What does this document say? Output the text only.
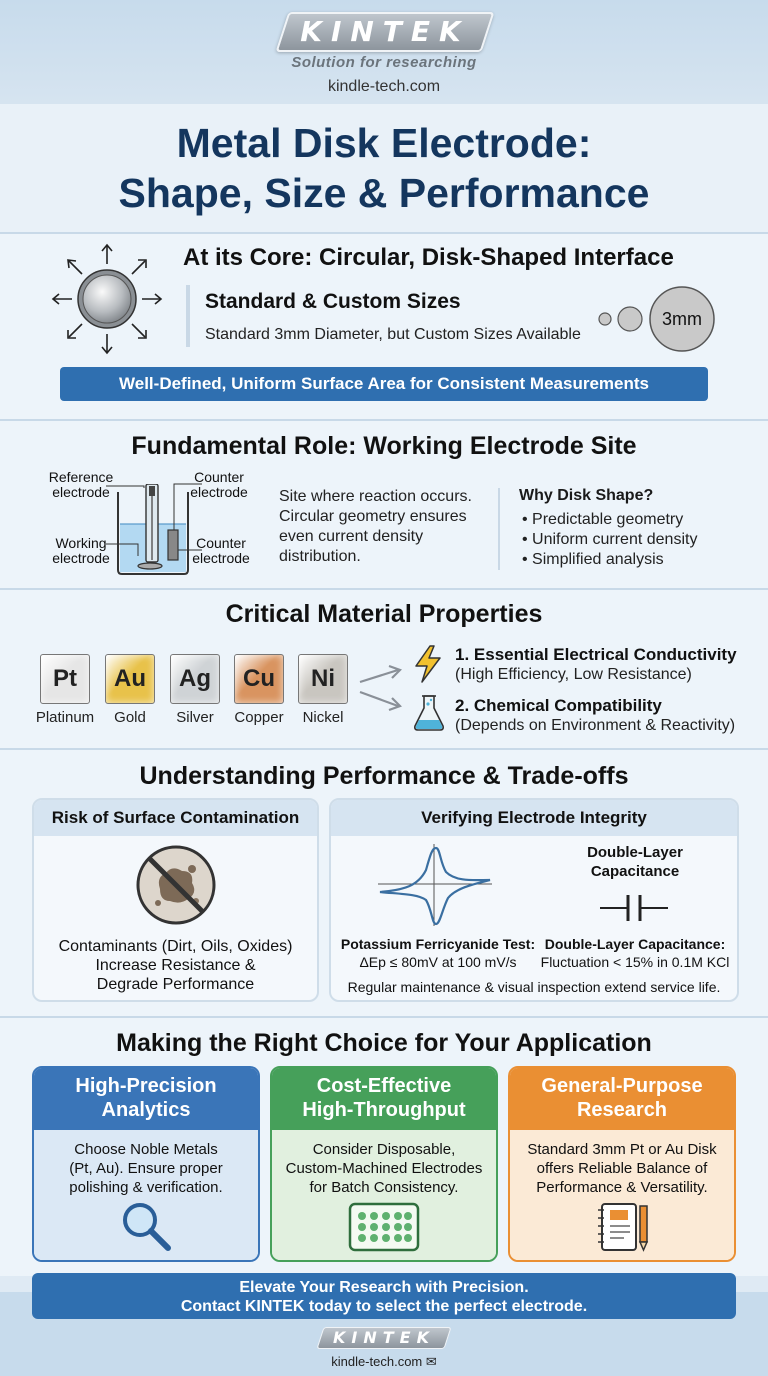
KINTEK
Solution for researching
kindle-tech.com
Metal Disk Electrode:
Shape, Size & Performance
At its Core: Circular, Disk-Shaped Interface
Standard & Custom Sizes
Standard 3mm Diameter, but Custom Sizes Available
3mm
Well-Defined, Uniform Surface Area for Consistent Measurements
Fundamental Role: Working Electrode Site
Reference
electrode
Counter
electrode
Working
electrode
Counter
electrode
Site where reaction occurs.
Circular geometry ensures
even current density
distribution.
Why Disk Shape?
• Predictable geometry
• Uniform current density
• Simplified analysis
Critical Material Properties
Pt	Au	Ag	Cu	Ni
Platinum	Gold	Silver	Copper	Nickel
1. Essential Electrical Conductivity
(High Efficiency, Low Resistance)
2. Chemical Compatibility
(Depends on Environment & Reactivity)
Understanding Performance & Trade-offs
Risk of Surface Contamination
Contaminants (Dirt, Oils, Oxides)
Increase Resistance &
Degrade Performance
Verifying Electrode Integrity
Double-Layer
Capacitance
Potassium Ferricyanide Test:
ΔEp ≤ 80mV at 100 mV/s
Double-Layer Capacitance:
Fluctuation < 15% in 0.1M KCl
Regular maintenance & visual inspection extend service life.
Making the Right Choice for Your Application
High-Precision
Analytics
Choose Noble Metals
(Pt, Au). Ensure proper
polishing & verification.
Cost-Effective
High-Throughput
Consider Disposable,
Custom-Machined Electrodes
for Batch Consistency.
General-Purpose
Research
Standard 3mm Pt or Au Disk
offers Reliable Balance of
Performance & Versatility.
Elevate Your Research with Precision.
Contact KINTEK today to select the perfect electrode.
KINTEK
kindle-tech.com ✉
